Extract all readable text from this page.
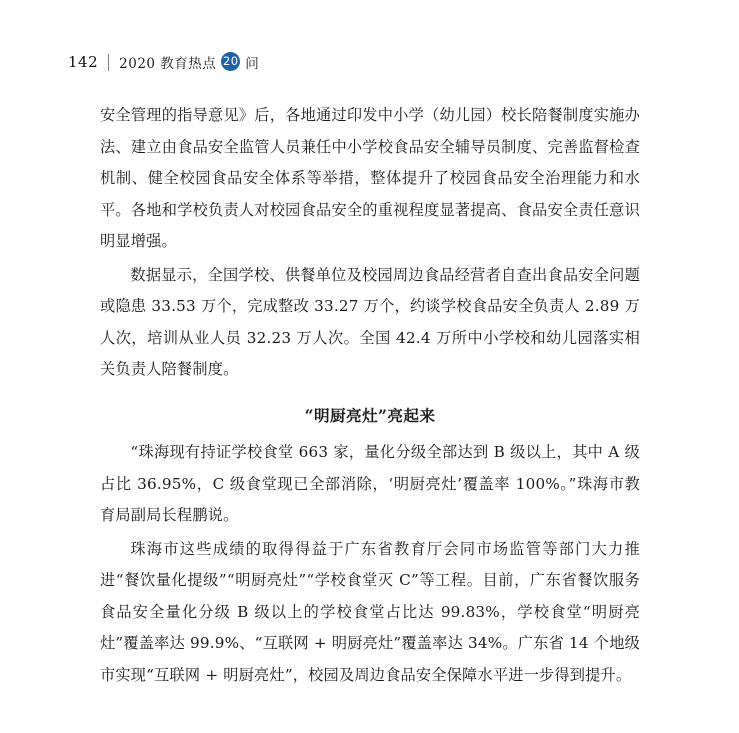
142	2020 教育热点 20 问

安全管理的指导意见》后，各地通过印发中小学（幼儿园）校长陪餐制度实施办法、建立由食品安全监管人员兼任中小学校食品安全辅导员制度、完善监督检查机制、健全校园食品安全体系等举措，整体提升了校园食品安全治理能力和水平。各地和学校负责人对校园食品安全的重视程度显著提高、食品安全责任意识明显增强。

数据显示，全国学校、供餐单位及校园周边食品经营者自查出食品安全问题或隐患 33.53 万个，完成整改 33.27 万个，约谈学校食品安全负责人 2.89 万人次，培训从业人员 32.23 万人次。全国 42.4 万所中小学校和幼儿园落实相关负责人陪餐制度。

“明厨亮灶”亮起来

“珠海现有持证学校食堂 663 家，量化分级全部达到 B 级以上，其中 A 级占比 36.95%，C 级食堂现已全部消除，‘明厨亮灶’覆盖率 100%。”珠海市教育局副局长程鹏说。

珠海市这些成绩的取得得益于广东省教育厅会同市场监管等部门大力推进“餐饮量化提级”“明厨亮灶”“学校食堂灭 C”等工程。目前，广东省餐饮服务食品安全量化分级 B 级以上的学校食堂占比达 99.83%，学校食堂“明厨亮灶”覆盖率达 99.9%、“互联网 + 明厨亮灶”覆盖率达 34%。广东省 14 个地级市实现“互联网 + 明厨亮灶”，校园及周边食品安全保障水平进一步得到提升。
